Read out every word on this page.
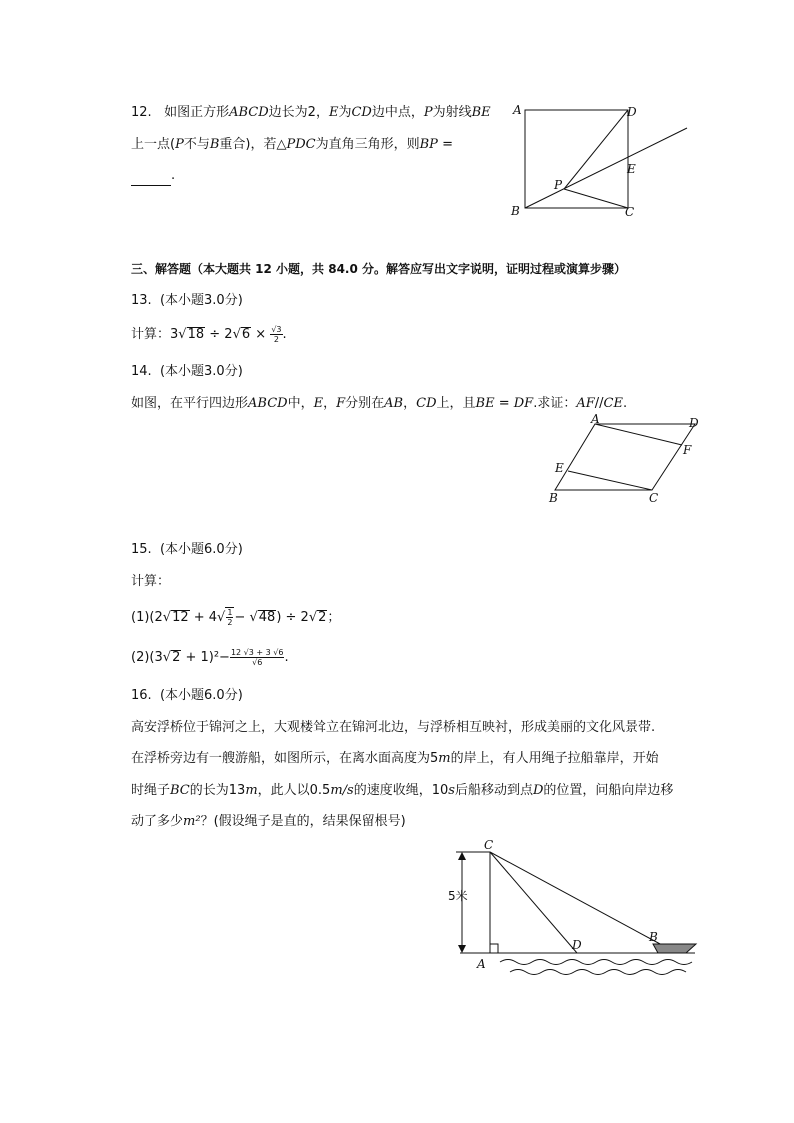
12. 如图正方形ABCD边长为2，E为CD边中点，P为射线BE
上一点(P不与B重合)，若△PDC为直角三角形，则BP =
.
A	D
E
P
B	C
三、解答题（本大题共 12 小题，共 84.0 分。解答应写出文字说明，证明过程或演算步骤）
13. (本小题3.0分)
计算：$3√18 \div 2√6 \times \frac{√3}{2}$ .
14. (本小题3.0分)
如图，在平行四边形ABCD中，E，F分别在AB，CD上，且BE = DF.求证：AF//CE.
A	D
F
E
B	C
15. (本小题6.0分)
计算：
$(1)(2√12 + 4√ \frac{1}{2} - √48) \div 2√2$；
$(2)(3√2 + 1)^2- \frac{12 √3 + 3 √6}{√6}$ .
16. (本小题6.0分)
高安浮桥位于锦河之上，大观楼耸立在锦河北边，与浮桥相互映衬，形成美丽的文化风景带.
在浮桥旁边有一艘游船，如图所示，在离水面高度为5m的岸上，有人用绳子拉船靠岸，开始
时绳子BC的长为13m，此人以0.5m/s的速度收绳，10s后船移动到点D的位置，问船向岸边移
动了多少m²？(假设绳子是直的，结果保留根号)
C
5米
A
D
B
